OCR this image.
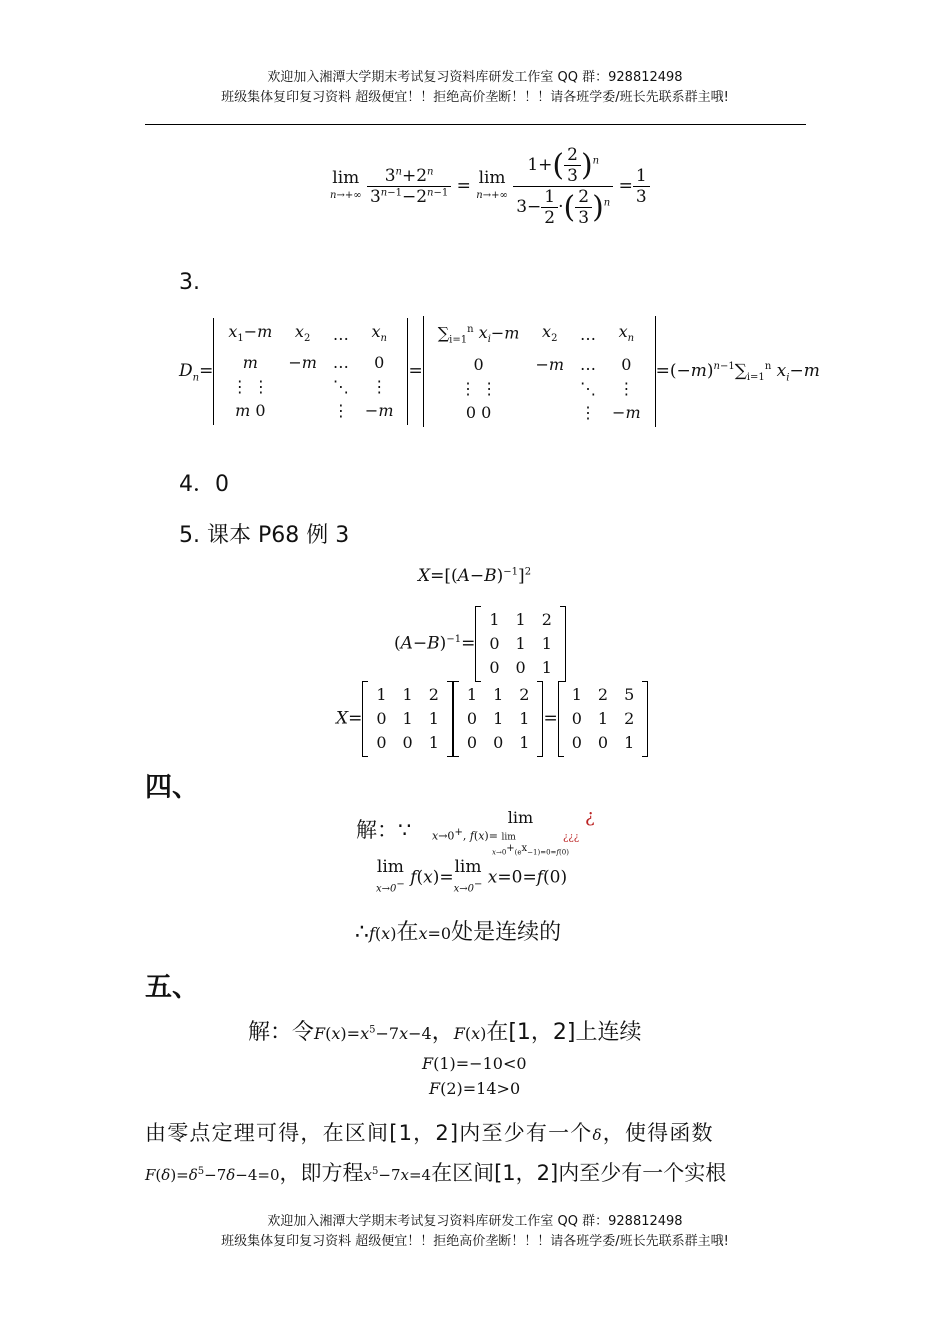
欢迎加入湘潭大学期末考试复习资料库研发工作室 QQ 群：928812498
班级集体复印复习资料 超级便宜！！拒绝高价垄断！！！请各班学委/班长先联系群主哦!
lim
n→+∞
$\frac{3^n+2^n}{3^{n-1}-2^{n-1}} = \lim$
n→+∞
$\frac{1+( \frac{2}{3} )^n}{3- \frac{1}{2} \cdot( \frac{2}{3} )^n} = \frac{1}{3}$
3.
$D_n=$
$x_1-m$	$x_2$	…	$x_n$
m	−m	…	0
⋮ ⋮		⋱	⋮
m 0		⋮	−m
=
$\sum_{i=1}^n$ $x_i-m$	$x_2$	…	$x_n$
0	−m	…	0
⋮ ⋮		⋱	⋮
0 0		⋮	−m
$=(-m)^{n-1}\sum_{i=1}^n$ $x_i-m$
4．0
5. 课本 P68 例 3
$X=[(A-B)^{-1}]^2$
$(A-B)^{-1}=$
1	1	2
0	1	1
0	0	1
X=
1	1	2
0	1	1
0	0	1
1	1	2
0	1	1
0	0	1
=
1	2	5
0	1	2
0	0	1
四、
解：∵
lim
x→0+, f(x)= lim
$x\to 0^+(e^x-1)=0=f(0)$
¿
¿¿¿
lim
x→0− f(x)=lim
x→0− x=0=f(0)
∴f(x)在x=0处是连续的
五、
解：令$F(x)=x^5-7x-4$，F(x)在[1，2]上连续
F(1)=−10<0
F(2)=14>0
由零点定理可得，在区间[1，2]内至少有一个δ，使得函数
$F(\delta)=\delta^5-7\delta-4=0$，即方程$x^5-7x=4$在区间[1，2]内至少有一个实根
欢迎加入湘潭大学期末考试复习资料库研发工作室 QQ 群：928812498
班级集体复印复习资料 超级便宜！！拒绝高价垄断！！！请各班学委/班长先联系群主哦!
